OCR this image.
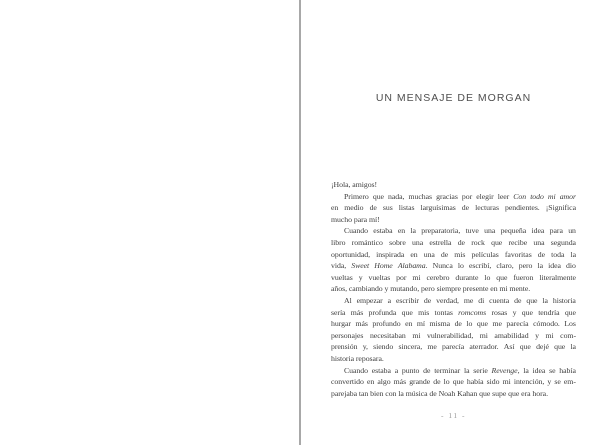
UN MENSAJE DE MORGAN
¡Hola, amigos!
Primero que nada, muchas gracias por elegir leer Con todo mi amor
en medio de sus listas larguísimas de lecturas pendientes. ¡Significa
mucho para mí!
Cuando estaba en la preparatoria, tuve una pequeña idea para un
libro romántico sobre una estrella de rock que recibe una segunda
oportunidad, inspirada en una de mis películas favoritas de toda la
vida, Sweet Home Alabama. Nunca lo escribí, claro, pero la idea dio
vueltas y vueltas por mi cerebro durante lo que fueron literalmente
años, cambiando y mutando, pero siempre presente en mi mente.
Al empezar a escribir de verdad, me di cuenta de que la historia
sería más profunda que mis tontas romcoms rosas y que tendría que
hurgar más profundo en mí misma de lo que me parecía cómodo. Los
personajes necesitaban mi vulnerabilidad, mi amabilidad y mi com-
prensión y, siendo sincera, me parecía aterrador. Así que dejé que la
historia reposara.
Cuando estaba a punto de terminar la serie Revenge, la idea se había
convertido en algo más grande de lo que había sido mi intención, y se em-
parejaba tan bien con la música de Noah Kahan que supe que era hora.
- 11 -
